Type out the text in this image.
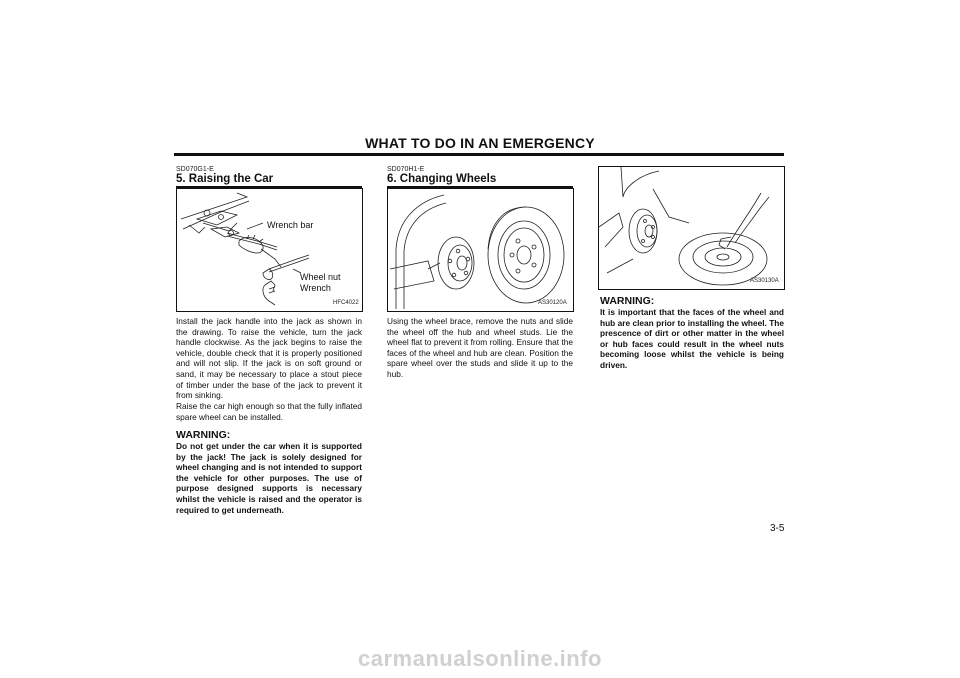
WHAT TO DO IN AN EMERGENCY
SD070G1-E
5. Raising the Car
Wrench bar
Wheel nut
Wrench
HFC4022

Install the jack handle into the jack as shown in the drawing. To raise the vehicle, turn the jack handle clockwise. As the jack begins to raise the vehicle, double check that it is properly positioned and will not slip. If the jack is on soft ground or sand, it may be necessary to place a stout piece of timber under the base of the jack to prevent it from sinking.

Raise the car high enough so that the fully inflated spare wheel can be installed.

WARNING:

Do not get under the car when it is supported by the jack! The jack is solely designed for wheel changing and is not intended to support the vehicle for other purposes. The use of purpose designed supports is necessary whilst the vehicle is raised and the operator is required to get underneath.

SD070H1-E
6. Changing Wheels
AS30120A

Using the wheel brace, remove the nuts and slide the wheel off the hub and wheel studs. Lie the wheel flat to prevent it from rolling. Ensure that the faces of the wheel and hub are clean. Position the spare wheel over the studs and slide it up to the hub.

AS30130A
WARNING:

It is important that the faces of the wheel and hub are clean prior to installing the wheel. The prescence of dirt or other matter in the wheel or hub faces could result in the wheel nuts becoming loose whilst the vehicle is being driven.

3-5
carmanualsonline.info
